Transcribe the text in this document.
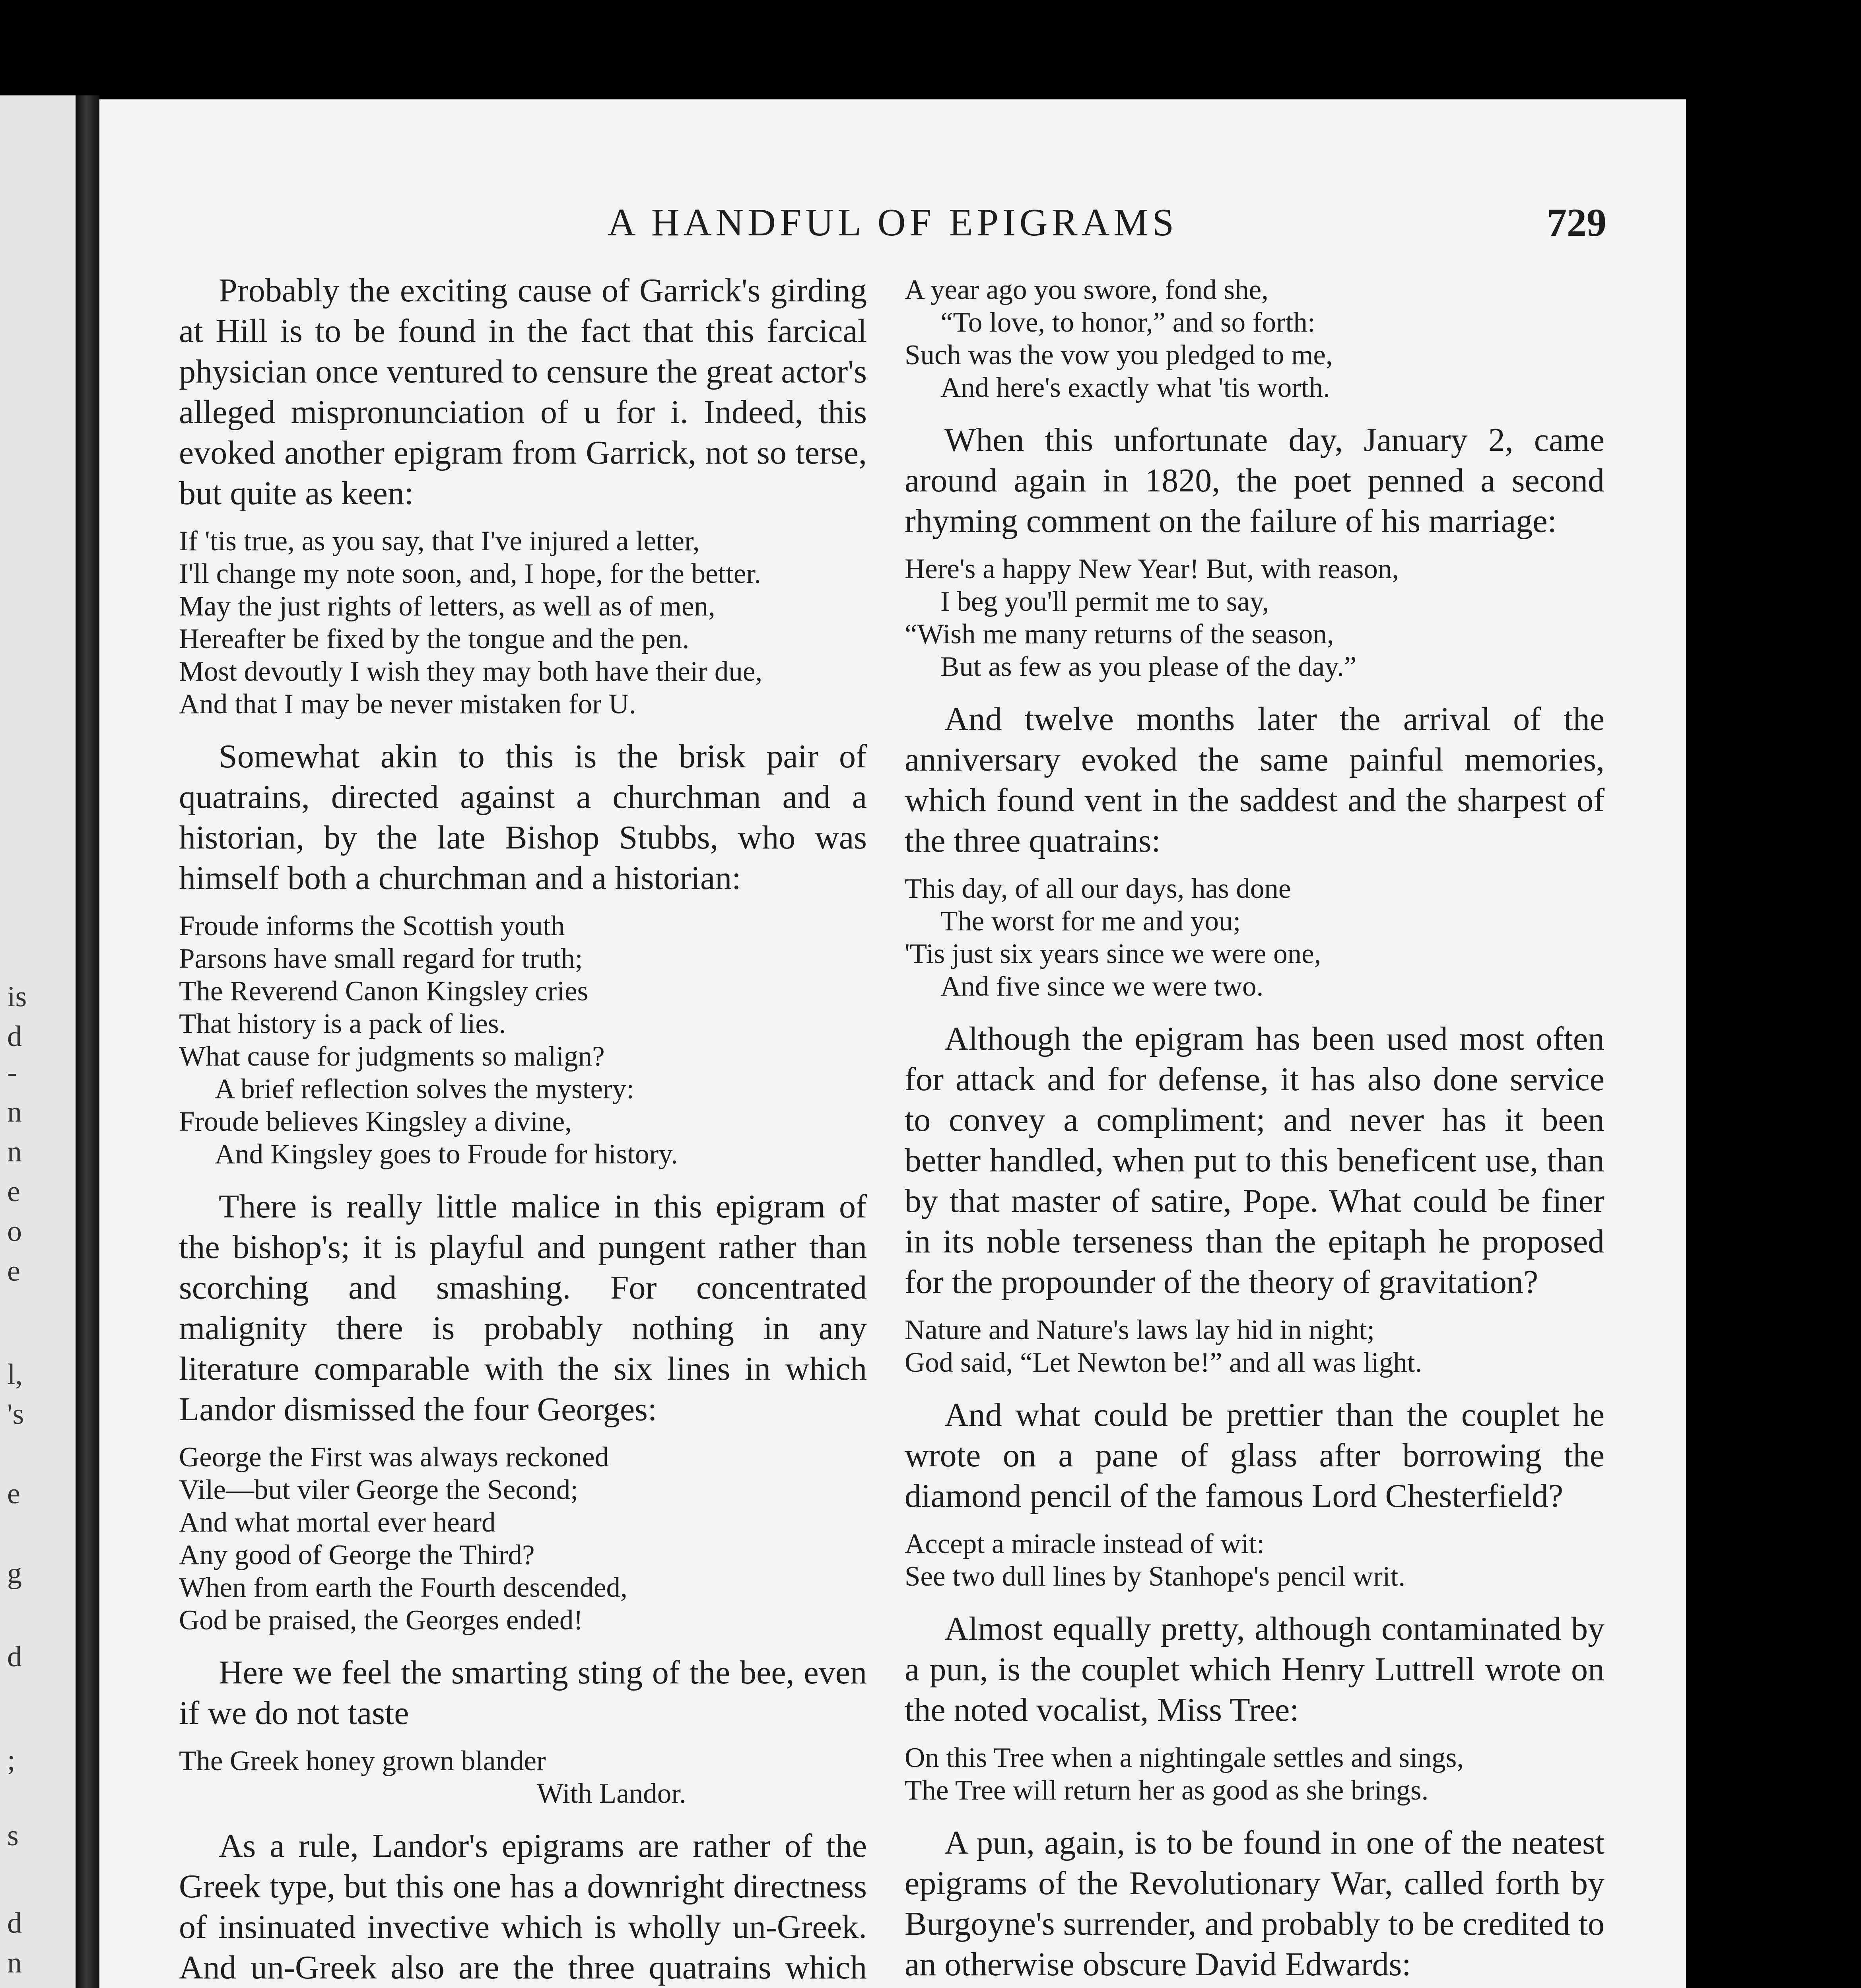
is
d
-
n
n
e
o
e
l,
's
e
g
d
;
s
d
n
A HANDFUL OF EPIGRAMS	729

Probably the exciting cause of Garrick's girding at Hill is to be found in the fact that this farcical physician once ventured to censure the great actor's alleged mispronunciation of u for i. Indeed, this evoked another epigram from Garrick, not so terse, but quite as keen:

If 'tis true, as you say, that I've injured a letter,
I'll change my note soon, and, I hope, for the better.
May the just rights of letters, as well as of men,
Hereafter be fixed by the tongue and the pen.
Most devoutly I wish they may both have their due,
And that I may be never mistaken for U.

Somewhat akin to this is the brisk pair of quatrains, directed against a churchman and a historian, by the late Bishop Stubbs, who was himself both a churchman and a historian:

Froude informs the Scottish youth
Parsons have small regard for truth;
The Reverend Canon Kingsley cries
That history is a pack of lies.
What cause for judgments so malign?
A brief reflection solves the mystery:
Froude believes Kingsley a divine,
And Kingsley goes to Froude for history.

There is really little malice in this epigram of the bishop's; it is playful and pungent rather than scorching and smashing. For concentrated malignity there is probably nothing in any literature comparable with the six lines in which Landor dismissed the four Georges:

George the First was always reckoned
Vile—but viler George the Second;
And what mortal ever heard
Any good of George the Third?
When from earth the Fourth descended,
God be praised, the Georges ended!

Here we feel the smarting sting of the bee, even if we do not taste

The Greek honey grown blander
With Landor.

As a rule, Landor's epigrams are rather of the Greek type, but this one has a downright directness of insinuated invective which is wholly un-Greek. And un-Greek also are the three quatrains which

A year ago you swore, fond she,
“To love, to honor,” and so forth:
Such was the vow you pledged to me,
And here's exactly what 'tis worth.

When this unfortunate day, January 2, came around again in 1820, the poet penned a second rhyming comment on the failure of his marriage:

Here's a happy New Year! But, with reason,
I beg you'll permit me to say,
“Wish me many returns of the season,
But as few as you please of the day.”

And twelve months later the arrival of the anniversary evoked the same painful memories, which found vent in the saddest and the sharpest of the three quatrains:

This day, of all our days, has done
The worst for me and you;
'Tis just six years since we were one,
And five since we were two.

Although the epigram has been used most often for attack and for defense, it has also done service to convey a compliment; and never has it been better handled, when put to this beneficent use, than by that master of satire, Pope. What could be finer in its noble terseness than the epitaph he proposed for the propounder of the theory of gravitation?

Nature and Nature's laws lay hid in night;
God said, “Let Newton be!” and all was light.

And what could be prettier than the couplet he wrote on a pane of glass after borrowing the diamond pencil of the famous Lord Chesterfield?

Accept a miracle instead of wit:
See two dull lines by Stanhope's pencil writ.

Almost equally pretty, although contaminated by a pun, is the couplet which Henry Luttrell wrote on the noted vocalist, Miss Tree:

On this Tree when a nightingale settles and sings,
The Tree will return her as good as she brings.

A pun, again, is to be found in one of the neatest epigrams of the Revolutionary War, called forth by Burgoyne's surrender, and probably to be credited to an otherwise obscure David Edwards:
